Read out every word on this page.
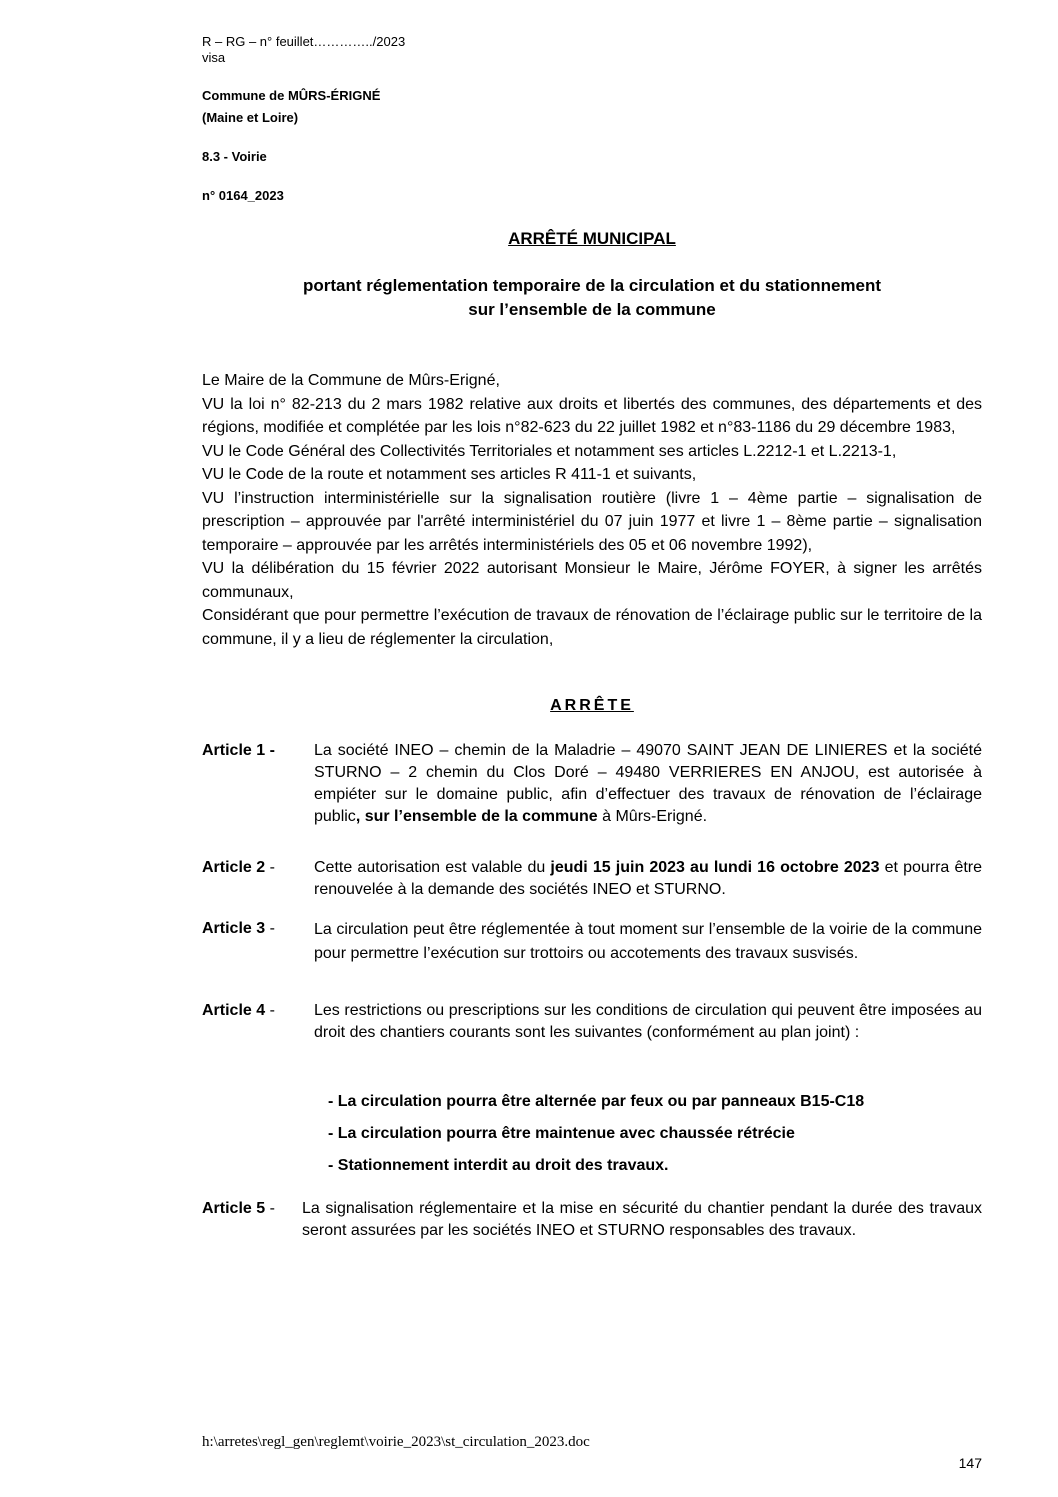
R – RG – n° feuillet…………../2023
visa
Commune de MÛRS-ÉRIGNÉ
(Maine et Loire)
8.3 - Voirie
n° 0164_2023
ARRÊTÉ MUNICIPAL
portant réglementation temporaire de la circulation et du stationnement
sur l’ensemble de la commune

Le Maire de la Commune de Mûrs-Erigné,

VU la loi n° 82-213 du 2 mars 1982 relative aux droits et libertés des communes, des départements et des régions, modifiée et complétée par les lois n°82-623 du 22 juillet 1982 et n°83-1186 du 29 décembre 1983,

VU le Code Général des Collectivités Territoriales et notamment ses articles L.2212-1 et L.2213-1,

VU le Code de la route et notamment ses articles R 411-1 et suivants,

VU l’instruction interministérielle sur la signalisation routière (livre 1 – 4ème partie – signalisation de prescription – approuvée par l'arrêté interministériel du 07 juin 1977 et livre 1 – 8ème partie – signalisation temporaire – approuvée par les arrêtés interministériels des 05 et 06 novembre 1992),

VU la délibération du 15 février 2022 autorisant Monsieur le Maire, Jérôme FOYER, à signer les arrêtés communaux,

Considérant que pour permettre l’exécution de travaux de rénovation de l’éclairage public sur le territoire de la commune, il y a lieu de réglementer la circulation,

ARRÊTE
Article 1 - La société INEO – chemin de la Maladrie – 49070 SAINT JEAN DE LINIERES et la société STURNO – 2 chemin du Clos Doré – 49480 VERRIERES EN ANJOU, est autorisée à empiéter sur le domaine public, afin d’effectuer des travaux de rénovation de l’éclairage public, sur l’ensemble de la commune à Mûrs-Erigné.
Article 2 - Cette autorisation est valable du jeudi 15 juin 2023 au lundi 16 octobre 2023 et pourra être renouvelée à la demande des sociétés INEO et STURNO.
Article 3 - La circulation peut être réglementée à tout moment sur l’ensemble de la voirie de la commune pour permettre l’exécution sur trottoirs ou accotements des travaux susvisés.
Article 4 - Les restrictions ou prescriptions sur les conditions de circulation qui peuvent être imposées au droit des chantiers courants sont les suivantes (conformément au plan joint) :
- La circulation pourra être alternée par feux ou par panneaux B15-C18
- La circulation pourra être maintenue avec chaussée rétrécie
- Stationnement interdit au droit des travaux.
Article 5 - La signalisation réglementaire et la mise en sécurité du chantier pendant la durée des travaux seront assurées par les sociétés INEO et STURNO responsables des travaux.
h:\arretes\regl_gen\reglemt\voirie_2023\st_circulation_2023.doc
147
